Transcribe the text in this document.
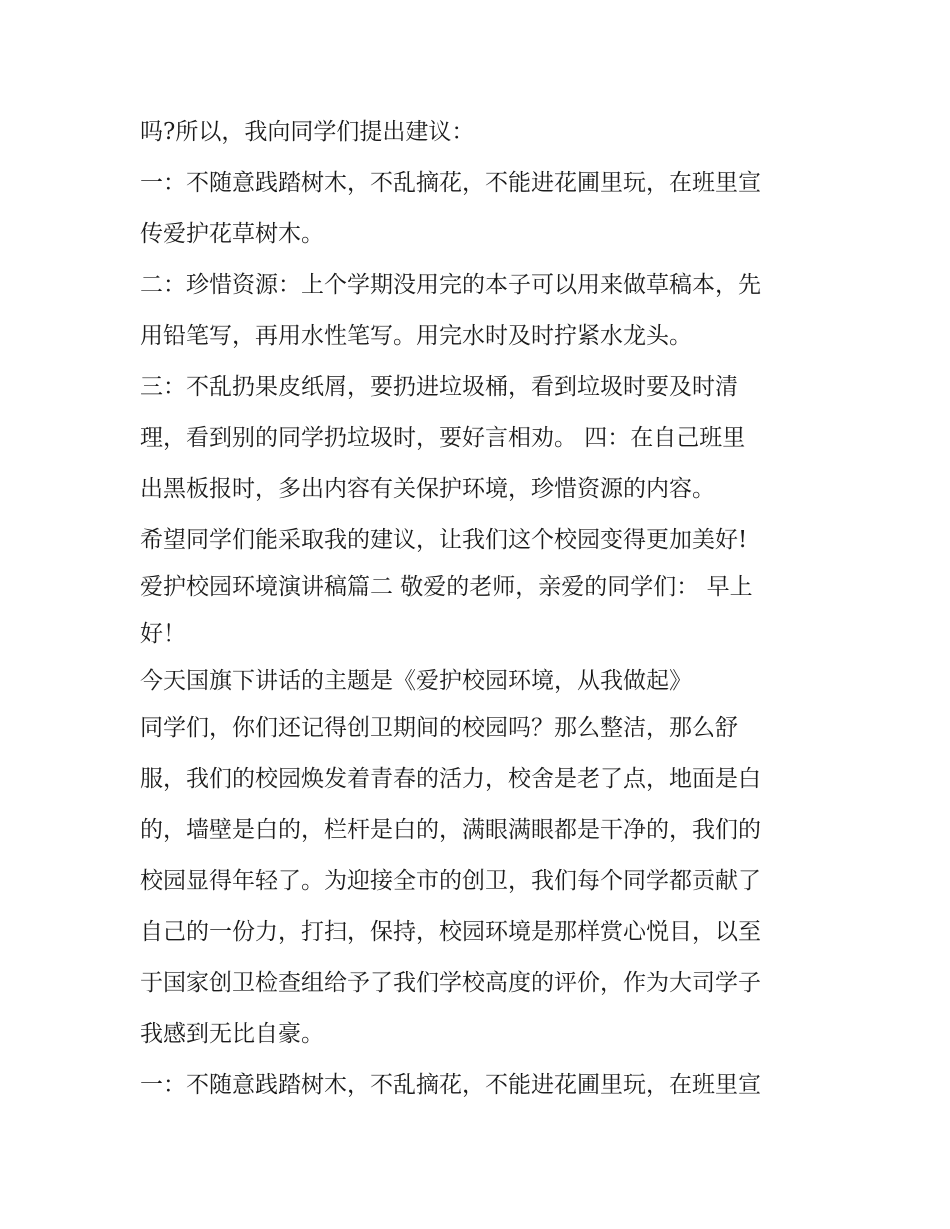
吗?所以，我向同学们提出建议：
一：不随意践踏树木，不乱摘花，不能进花圃里玩，在班里宣
传爱护花草树木。
二：珍惜资源：上个学期没用完的本子可以用来做草稿本，先
用铅笔写，再用水性笔写。用完水时及时拧紧水龙头。
三：不乱扔果皮纸屑，要扔进垃圾桶，看到垃圾时要及时清
理，看到别的同学扔垃圾时，要好言相劝。 四：在自己班里
出黑板报时，多出内容有关保护环境，珍惜资源的内容。
希望同学们能采取我的建议，让我们这个校园变得更加美好!
爱护校园环境演讲稿篇二 敬爱的老师，亲爱的同学们： 早上
好！
今天国旗下讲话的主题是《爱护校园环境，从我做起》
同学们，你们还记得创卫期间的校园吗？那么整洁，那么舒
服，我们的校园焕发着青春的活力，校舍是老了点，地面是白
的，墙壁是白的，栏杆是白的，满眼满眼都是干净的，我们的
校园显得年轻了。为迎接全市的创卫，我们每个同学都贡献了
自己的一份力，打扫，保持，校园环境是那样赏心悦目，以至
于国家创卫检查组给予了我们学校高度的评价，作为大司学子
我感到无比自豪。
一：不随意践踏树木，不乱摘花，不能进花圃里玩，在班里宣
